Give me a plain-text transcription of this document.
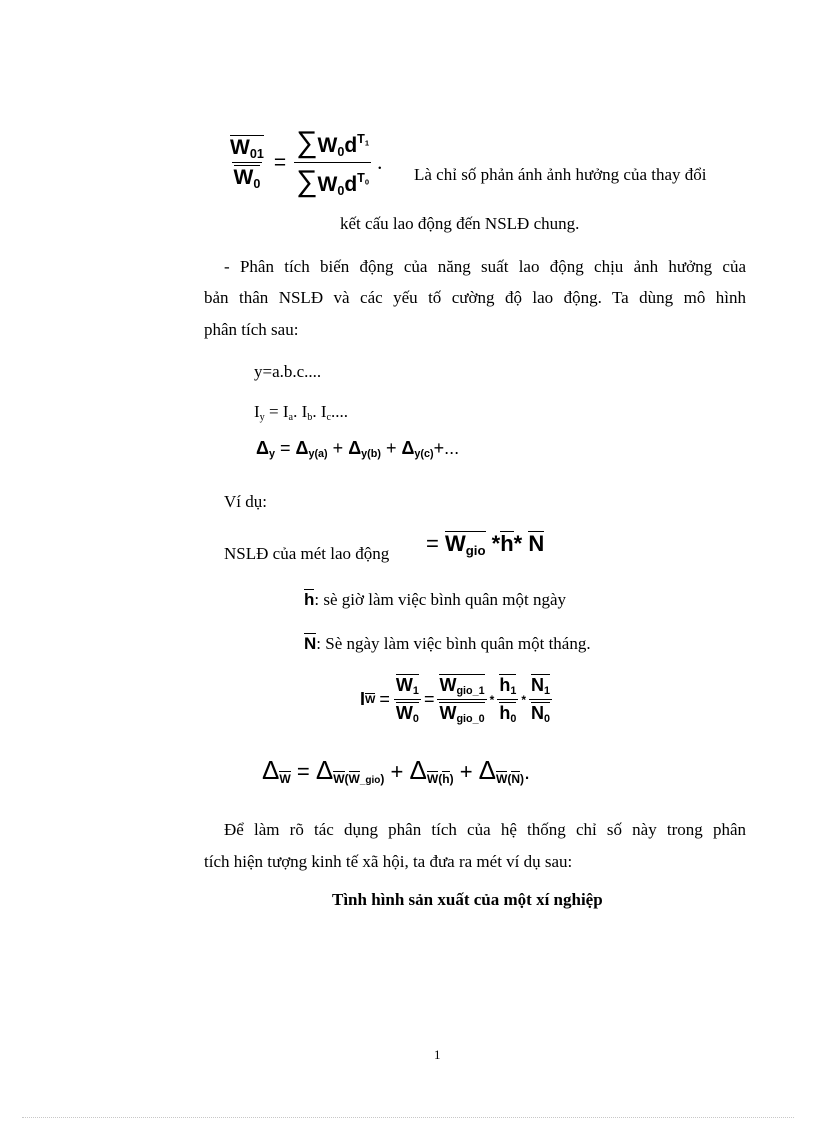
$\frac{W_{01}}{W_0} = \frac{\sum W_0d^{T_1}}{\sum W_0d^{T_0}}$ .
Là chỉ số phản ánh ảnh hưởng của thay đổi
kết cấu lao động đến NSLĐ chung.
- Phân tích biến động của năng suất lao động chịu ảnh hưởng của
bản thân NSLĐ và các yếu tố cường độ lao động. Ta dùng mô hình
phân tích sau:
y=a.b.c....
$I_y = I_a$. $I_b$. $I_c$....
$\Delta_y = \Delta_{y(a)} + \Delta_{y(b)} + \Delta_{y(c)}+$...
Ví dụ:
NSLĐ của mét lao động = $W_{gio}$ *h* N
h: sè giờ làm việc bình quân một ngày
N: Sè ngày làm việc bình quân một tháng.
I $W = \frac{W_1}{W_0} = \frac{W_{gio\_1}}{W_{gio\_0}} * \frac{h_1}{h_0} * \frac{N_1}{N_0}$
$\Delta_W = \Delta_{W(W\_gio)} + \Delta_{W(h)} + \Delta_{W(N)}$.
Để làm rõ tác dụng phân tích của hệ thống chỉ số này trong phân
tích hiện tượng kinh tế xã hội, ta đưa ra mét ví dụ sau:
Tình hình sản xuất của một xí nghiệp
1
